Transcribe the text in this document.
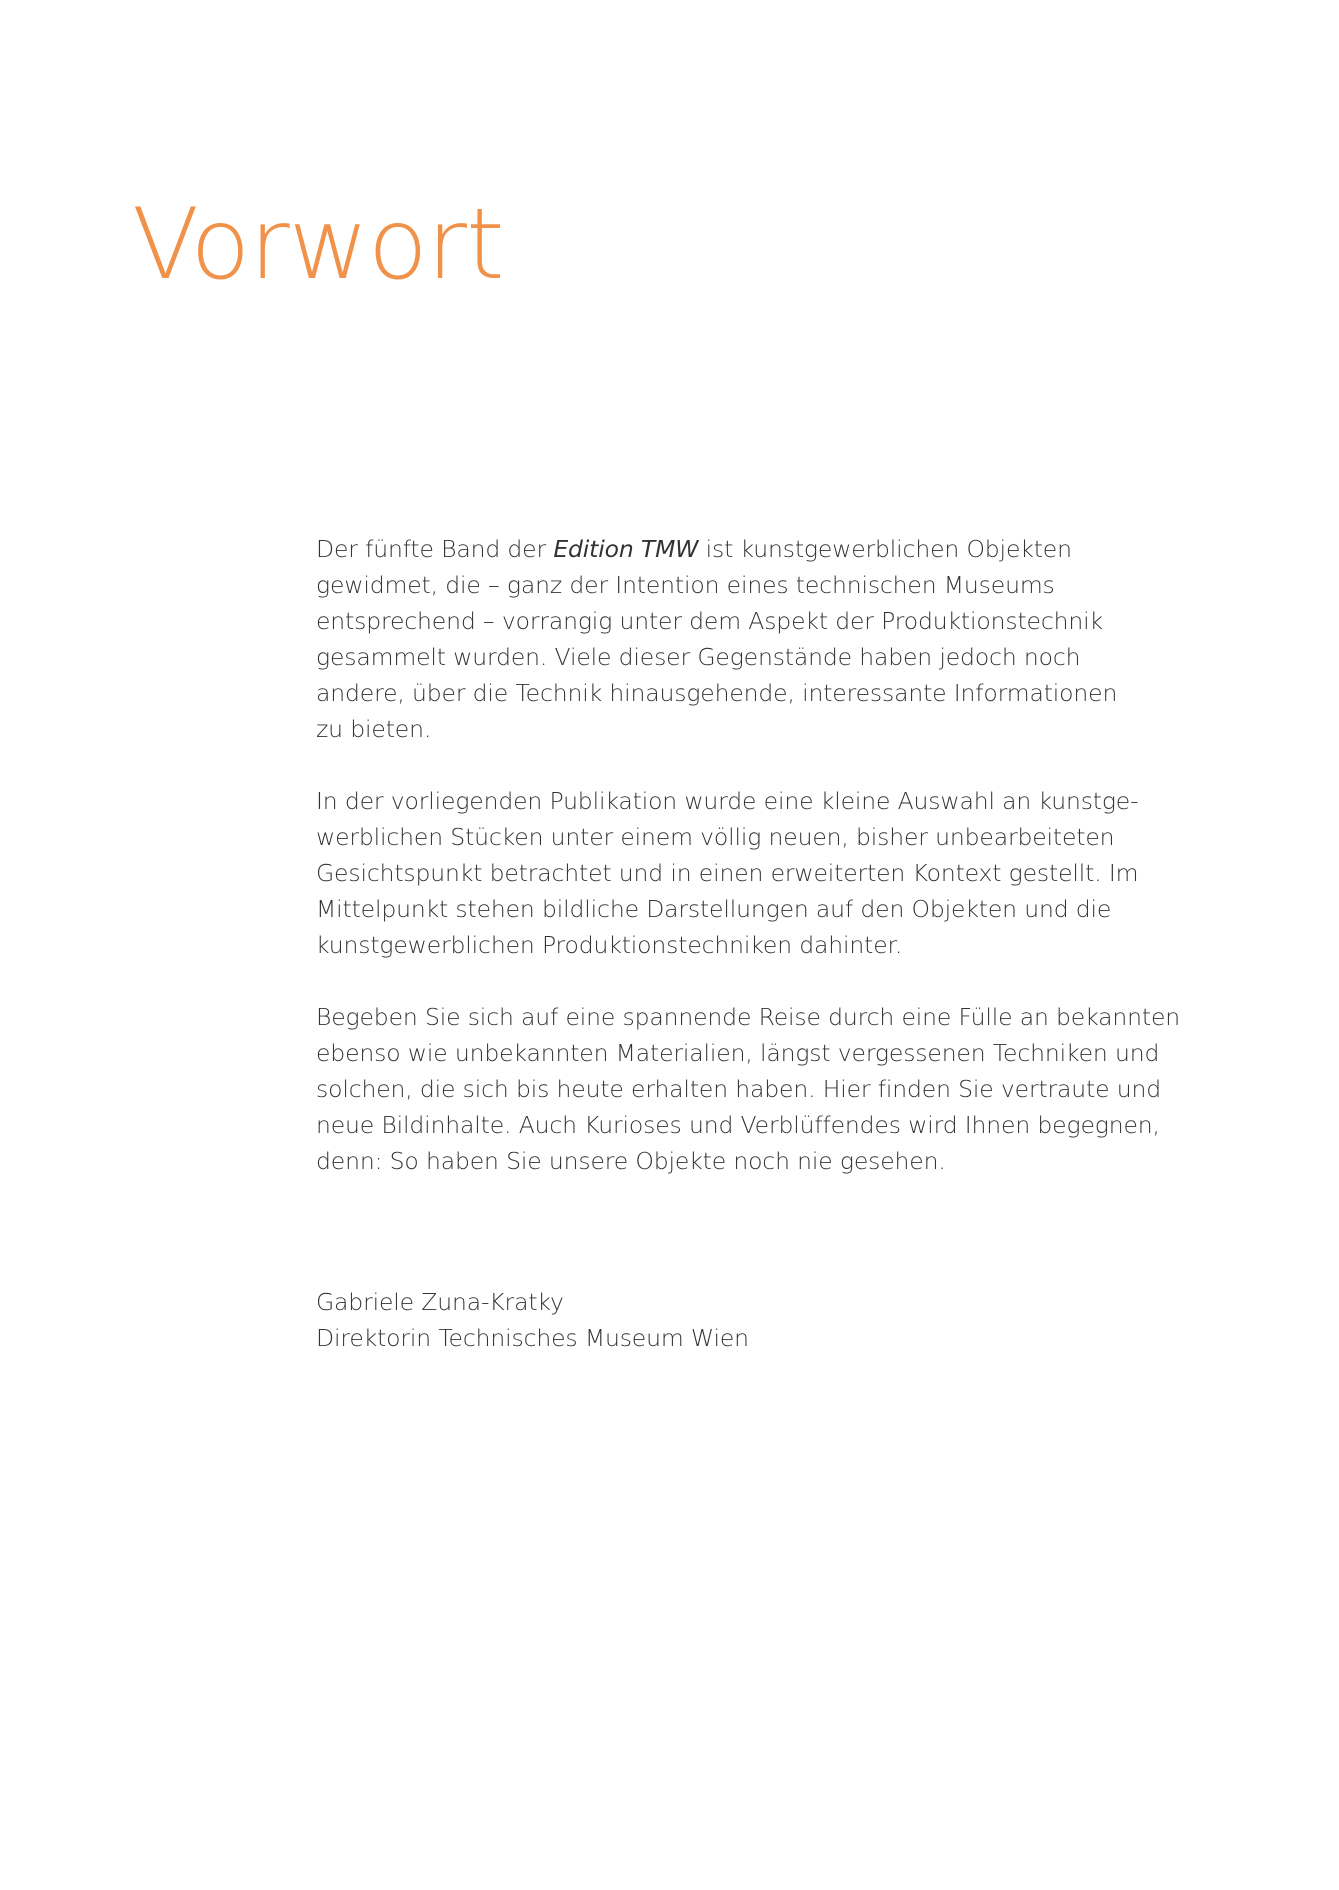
Vorwort
Der fünfte Band der Edition TMW ist kunstgewerblichen Objekten
gewidmet, die – ganz der Intention eines technischen Museums
entsprechend – vorrangig unter dem Aspekt der Produktionstechnik
gesammelt wurden. Viele dieser Gegenstände haben jedoch noch
andere, über die Technik hinausgehende, interessante Informationen
zu bieten.
In der vorliegenden Publikation wurde eine kleine Auswahl an kunstge-
werblichen Stücken unter einem völlig neuen, bisher unbearbeiteten
Gesichtspunkt betrachtet und in einen erweiterten Kontext gestellt. Im
Mittelpunkt stehen bildliche Darstellungen auf den Objekten und die
kunstgewerblichen Produktionstechniken dahinter.
Begeben Sie sich auf eine spannende Reise durch eine Fülle an bekannten
ebenso wie unbekannten Materialien, längst vergessenen Techniken und
solchen, die sich bis heute erhalten haben. Hier finden Sie vertraute und
neue Bildinhalte. Auch Kurioses und Verblüffendes wird Ihnen begegnen,
denn: So haben Sie unsere Objekte noch nie gesehen.
Gabriele Zuna-Kratky
Direktorin Technisches Museum Wien
